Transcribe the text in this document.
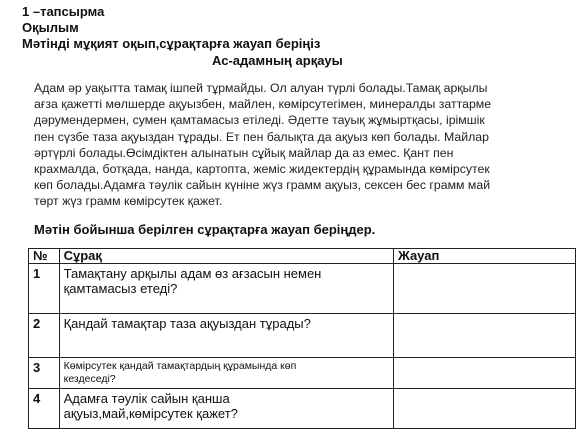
1 –тапсырма
Оқылым
Мәтінді мұқият оқып,сұрақтарға жауап беріңіз
Ас-адамның арқауы
Адам әр уақытта тамақ ішпей тұрмайды. Ол алуан түрлі болады.Тамақ арқылы
ағза қажетті мөлшерде ақуызбен, майлен, көмірсутегімен, минералды заттарме
дәрумендермен, сумен қамтамасыз етіледі. Әдетте тауық жұмыртқасы, ірімшік
пен сүзбе таза ақуыздан тұрады. Ет пен балықта да ақуыз көп болады. Майлар
әртүрлі болады.Өсімдіктен алынатын сұйық майлар да аз емес. Қант пен
крахмалда, ботқада, нанда, картопта, жеміс жидектердің құрамында көмірсутек
көп болады.Адамға тәулік сайын күніне жүз грамм ақуыз, сексен бес грамм май
төрт жүз грамм көмірсутек қажет.
Мәтін бойынша берілген сұрақтарға жауап беріңдер.
№	Сұрақ	Жауап
1	Тамақтану арқылы адам өз ағзасын немен
қамтамасыз етеді?	

2	Қандай тамақтар таза ақуыздан тұрады?	

3	Көмірсутек қандай тамақтардың құрамында көп
кездеседі?	

4	Адамға тәулік сайын қанша
ақуыз,май,көмірсутек қажет?	
